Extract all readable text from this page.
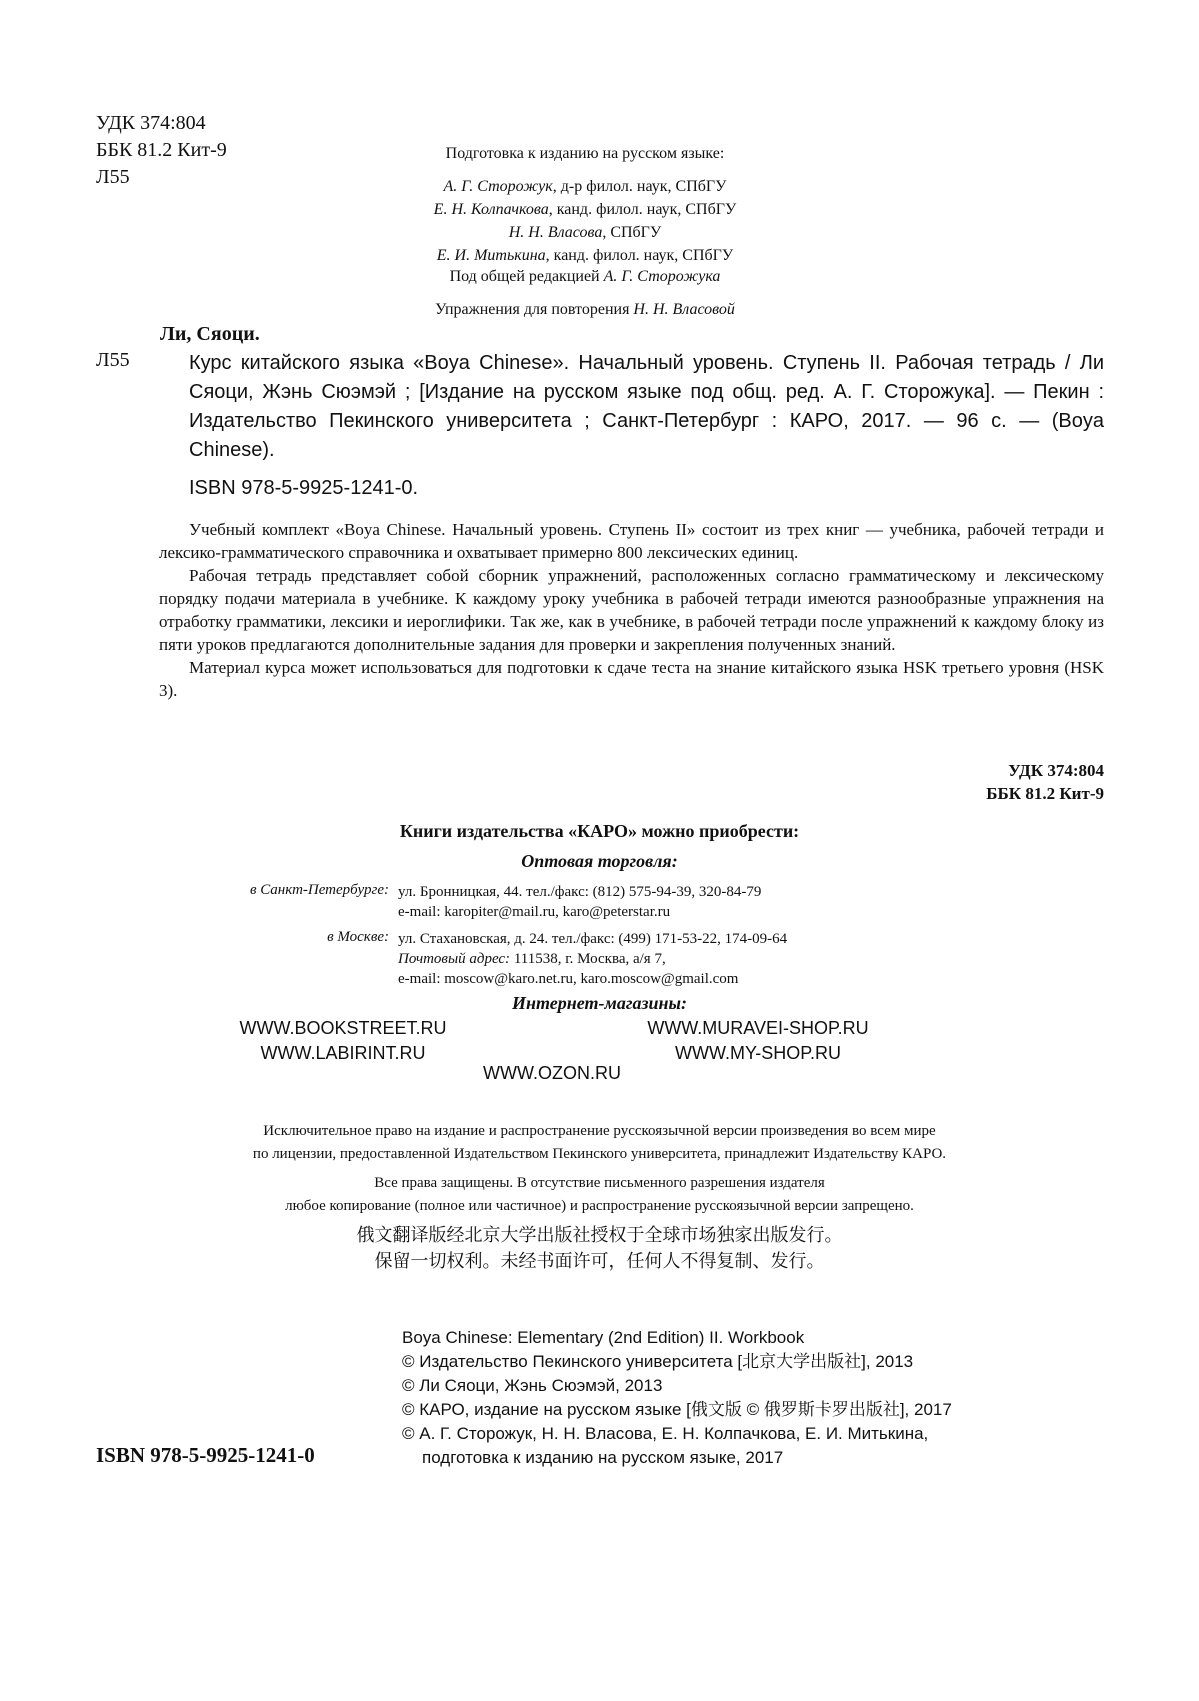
УДК 374:804
ББК 81.2 Кит-9
Л55
Подготовка к изданию на русском языке:
А. Г. Сторожук, д-р филол. наук, СПбГУ
Е. Н. Колпачкова, канд. филол. наук, СПбГУ
Н. Н. Власова, СПбГУ
Е. И. Митькина, канд. филол. наук, СПбГУ
Под общей редакцией А. Г. Сторожука
Упражнения для повторения Н. Н. Власовой
Ли, Сяоци.
Л55	Курс китайского языка «Boya Chinese». Начальный уровень. Ступень II. Рабочая тетрадь / Ли Сяоци, Жэнь Сюэмэй ; [Издание на русском языке под общ. ред. А. Г. Сторожука]. — Пекин : Издательство Пекинского университета ; Санкт-Петербург : КАРО, 2017. — 96 с. — (Boya Chinese).
ISBN 978-5-9925-1241-0.

Учебный комплект «Boya Chinese. Начальный уровень. Ступень II» состоит из трех книг — учебника, рабочей тетради и лексико-грамматического справочника и охватывает примерно 800 лексических единиц.

Рабочая тетрадь представляет собой сборник упражнений, расположенных согласно грамматическому и лексическому порядку подачи материала в учебнике. К каждому уроку учебника в рабочей тетради имеются разнообразные упражнения на отработку грамматики, лексики и иероглифики. Так же, как в учебнике, в рабочей тетради после упражнений к каждому блоку из пяти уроков предлагаются дополнительные задания для проверки и закрепления полученных знаний.

Материал курса может использоваться для подготовки к сдаче теста на знание китайского языка HSK третьего уровня (HSK 3).

УДК 374:804
ББК 81.2 Кит-9
Книги издательства «КАРО» можно приобрести:
Оптовая торговля:
в Санкт-Петербурге: ул. Бронницкая, 44. тел./факс: (812) 575-94-39, 320-84-79
e-mail: karopiter@mail.ru, karo@peterstar.ru
в Москве: ул. Стахановская, д. 24. тел./факс: (499) 171-53-22, 174-09-64
Почтовый адрес: 111538, г. Москва, а/я 7,
e-mail: moscow@karo.net.ru, karo.moscow@gmail.com
Интернет-магазины:
WWW.BOOKSTREET.RU	WWW.MURAVEI-SHOP.RU
WWW.LABIRINT.RU	WWW.MY-SHOP.RU
WWW.OZON.RU
Исключительное право на издание и распространение русскоязычной версии произведения во всем мире
по лицензии, предоставленной Издательством Пекинского университета, принадлежит Издательству КАРО.
Все права защищены. В отсутствие письменного разрешения издателя
любое копирование (полное или частичное) и распространение русскоязычной версии запрещено.
俄文翻译版经北京大学出版社授权于全球市场独家出版发行。
保留一切权利。未经书面许可，任何人不得复制、发行。
Boya Chinese: Elementary (2nd Edition) II. Workbook
© Издательство Пекинского университета [北京大学出版社], 2013
© Ли Сяоци, Жэнь Сюэмэй, 2013
© КАРО, издание на русском языке [俄文版 © 俄罗斯卡罗出版社], 2017
© А. Г. Сторожук, Н. Н. Власова, Е. Н. Колпачкова, Е. И. Митькина,
подготовка к изданию на русском языке, 2017
ISBN 978-5-9925-1241-0
